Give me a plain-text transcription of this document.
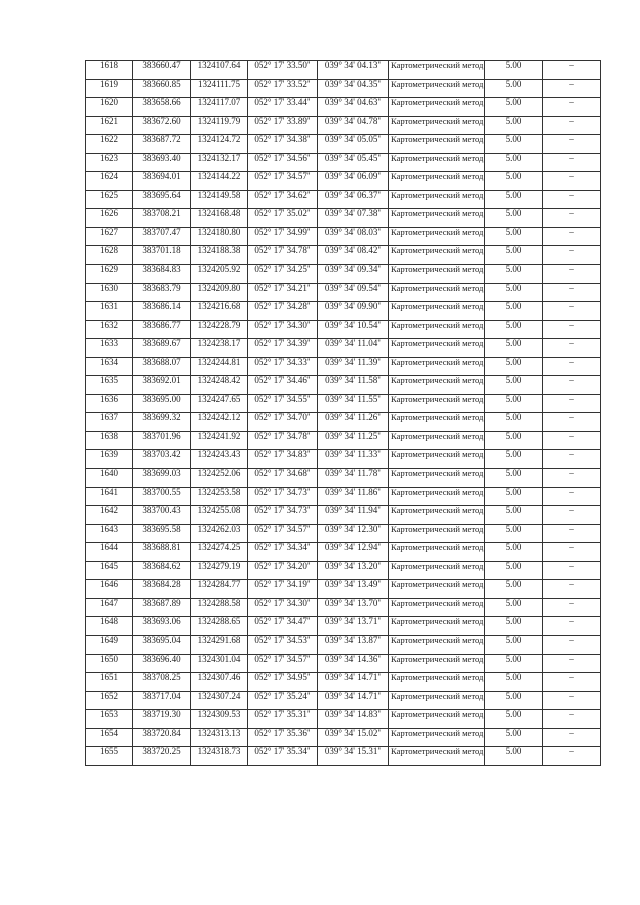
1618	383660.47	1324107.64	052° 17' 33.50"	039° 34' 04.13"	Картометрический метод	5.00	–
1619	383660.85	1324111.75	052° 17' 33.52"	039° 34' 04.35"	Картометрический метод	5.00	–
1620	383658.66	1324117.07	052° 17' 33.44"	039° 34' 04.63"	Картометрический метод	5.00	–
1621	383672.60	1324119.79	052° 17' 33.89"	039° 34' 04.78"	Картометрический метод	5.00	–
1622	383687.72	1324124.72	052° 17' 34.38"	039° 34' 05.05"	Картометрический метод	5.00	–
1623	383693.40	1324132.17	052° 17' 34.56"	039° 34' 05.45"	Картометрический метод	5.00	–
1624	383694.01	1324144.22	052° 17' 34.57"	039° 34' 06.09"	Картометрический метод	5.00	–
1625	383695.64	1324149.58	052° 17' 34.62"	039° 34' 06.37"	Картометрический метод	5.00	–
1626	383708.21	1324168.48	052° 17' 35.02"	039° 34' 07.38"	Картометрический метод	5.00	–
1627	383707.47	1324180.80	052° 17' 34.99"	039° 34' 08.03"	Картометрический метод	5.00	–
1628	383701.18	1324188.38	052° 17' 34.78"	039° 34' 08.42"	Картометрический метод	5.00	–
1629	383684.83	1324205.92	052° 17' 34.25"	039° 34' 09.34"	Картометрический метод	5.00	–
1630	383683.79	1324209.80	052° 17' 34.21"	039° 34' 09.54"	Картометрический метод	5.00	–
1631	383686.14	1324216.68	052° 17' 34.28"	039° 34' 09.90"	Картометрический метод	5.00	–
1632	383686.77	1324228.79	052° 17' 34.30"	039° 34' 10.54"	Картометрический метод	5.00	–
1633	383689.67	1324238.17	052° 17' 34.39"	039° 34' 11.04"	Картометрический метод	5.00	–
1634	383688.07	1324244.81	052° 17' 34.33"	039° 34' 11.39"	Картометрический метод	5.00	–
1635	383692.01	1324248.42	052° 17' 34.46"	039° 34' 11.58"	Картометрический метод	5.00	–
1636	383695.00	1324247.65	052° 17' 34.55"	039° 34' 11.55"	Картометрический метод	5.00	–
1637	383699.32	1324242.12	052° 17' 34.70"	039° 34' 11.26"	Картометрический метод	5.00	–
1638	383701.96	1324241.92	052° 17' 34.78"	039° 34' 11.25"	Картометрический метод	5.00	–
1639	383703.42	1324243.43	052° 17' 34.83"	039° 34' 11.33"	Картометрический метод	5.00	–
1640	383699.03	1324252.06	052° 17' 34.68"	039° 34' 11.78"	Картометрический метод	5.00	–
1641	383700.55	1324253.58	052° 17' 34.73"	039° 34' 11.86"	Картометрический метод	5.00	–
1642	383700.43	1324255.08	052° 17' 34.73"	039° 34' 11.94"	Картометрический метод	5.00	–
1643	383695.58	1324262.03	052° 17' 34.57"	039° 34' 12.30"	Картометрический метод	5.00	–
1644	383688.81	1324274.25	052° 17' 34.34"	039° 34' 12.94"	Картометрический метод	5.00	–
1645	383684.62	1324279.19	052° 17' 34.20"	039° 34' 13.20"	Картометрический метод	5.00	–
1646	383684.28	1324284.77	052° 17' 34.19"	039° 34' 13.49"	Картометрический метод	5.00	–
1647	383687.89	1324288.58	052° 17' 34.30"	039° 34' 13.70"	Картометрический метод	5.00	–
1648	383693.06	1324288.65	052° 17' 34.47"	039° 34' 13.71"	Картометрический метод	5.00	–
1649	383695.04	1324291.68	052° 17' 34.53"	039° 34' 13.87"	Картометрический метод	5.00	–
1650	383696.40	1324301.04	052° 17' 34.57"	039° 34' 14.36"	Картометрический метод	5.00	–
1651	383708.25	1324307.46	052° 17' 34.95"	039° 34' 14.71"	Картометрический метод	5.00	–
1652	383717.04	1324307.24	052° 17' 35.24"	039° 34' 14.71"	Картометрический метод	5.00	–
1653	383719.30	1324309.53	052° 17' 35.31"	039° 34' 14.83"	Картометрический метод	5.00	–
1654	383720.84	1324313.13	052° 17' 35.36"	039° 34' 15.02"	Картометрический метод	5.00	–
1655	383720.25	1324318.73	052° 17' 35.34"	039° 34' 15.31"	Картометрический метод	5.00	–
